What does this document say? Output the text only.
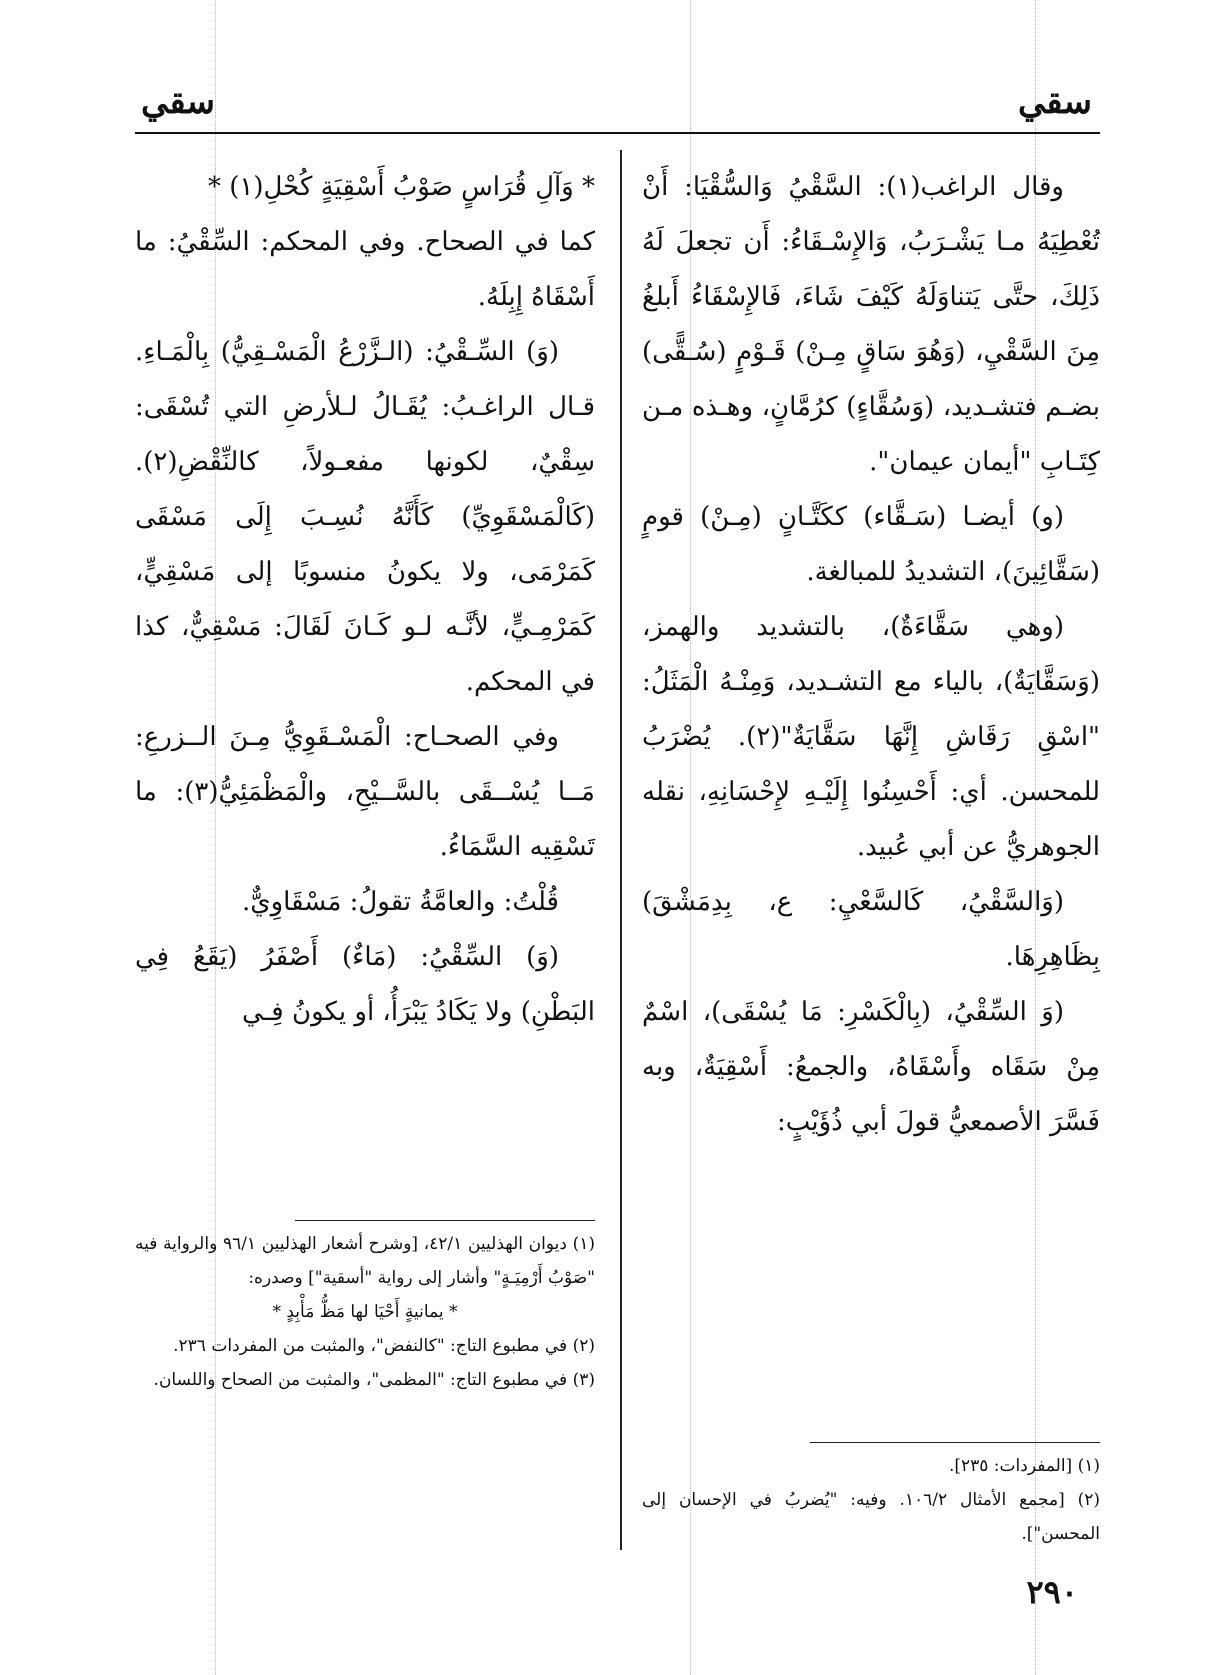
سقي
سقي

وقال الراغب(١): السَّقْيُ وَالسُّقْيَا: أَنْ تُعْطِيَهُ مـا يَشْـرَبُ، وَالإِسْـقَاءُ: أَن تجعلَ لَهُ ذَلِكَ، حتَّى يَتناوَلَهُ كَيْفَ شَاءَ، فَالإِسْقَاءُ أَبلغُ مِنَ السَّقْيِ، (وَهُوَ سَاقٍ مِـنْ) قَـوْمٍ (سُـقًّى) بضـم فتشـديد، (وَسُقَّاءٍ) كرُمَّانٍ، وهـذه مـن كِتَـابِ "أيمان عيمان".

(و) أيضـا (سَـقَّاء) ككَتَّـانٍ (مِـنْ) قومٍ (سَقَّائِينَ)، التشديدُ للمبالغة.

(وهي سَقَّاءَةٌ)، بالتشديد والهمز، (وَسَقَّايَةٌ)، بالياء مع التشـديد، وَمِنْـهُ الْمَثَلُ: "اسْقِ رَقَاشِ إِنَّهَا سَقَّايَةٌ"(٢). يُضْرَبُ للمحسن. أي: أَحْسِنُوا إِلَيْـهِ لإِحْسَانِهِ، نقله الجوهريُّ عن أبي عُبيد.

(وَالسَّقْيُ، كَالسَّعْيِ: ع، بِدِمَشْقَ) بِظَاهِرِهَا.

(وَ السِّقْيُ، (بِالْكَسْرِ: مَا يُسْقَى)، اسْمٌ مِنْ سَقَاه وأَسْقَاهُ، والجمعُ: أَسْقِيَةٌ، وبه فَسَّرَ الأصمعيُّ قولَ أبي ذُؤَيْبٍ:

(١) [المفردات: ٢٣٥].

(٢) [مجمع الأمثال ١٠٦/٢. وفيه: "يُضربُ في الإحسان إلى المحسن"].

* وَآلِ قُرَاسٍ صَوْبُ أَسْقِيَةٍ كُحْلِ(١) *

كما في الصحاح. وفي المحكم: السِّقْيُ: ما أَسْقَاهُ إِبِلَهُ.

(وَ) السِّـقْيُ: (الـزَّرْعُ الْمَسْـقِيُّ) بِالْمَـاءِ. قـال الراغـبُ: يُقَـالُ لـلأرضِ التي تُسْقَى: سِقْيٌ، لكونها مفعـولاً، كالنِّقْضِ(٢). (كَالْمَسْقَوِيِّ) كَأَنَّهُ نُسِـبَ إِلَى مَسْقَى كَمَرْمَى، ولا يكونُ منسوبًا إلى مَسْقِيٍّ، كَمَرْمِـيٍّ، لأنَّـه لـو كَـانَ لَقَالَ: مَسْقِيٌّ، كذا في المحكم.

وفي الصحـاح: الْمَسْـقَوِيُّ مِـنَ الــزرعِ: مَــا يُسْــقَى بالسَّــيْحِ، والْمَظْمَئِيُّ(٣): ما تَسْقِيه السَّمَاءُ.

قُلْتُ: والعامَّةُ تقولُ: مَسْقَاوِيٌّ.

(وَ) السِّقْيُ: (مَاءٌ) أَصْفَرُ (يَقَعُ فِي البَطْنِ) ولا يَكَادُ يَبْرَأُ، أو يكونُ فِـي

(١) ديوان الهذليين ٤٢/١، [وشرح أشعار الهذليين ٩٦/١ والرواية فيه "صَوْبُ أَرْمِيَـةٍ" وأشار إلى رواية "أسقية"] وصدره:

* يمانيةٍ أَحْيَا لها مَظُّ مَأْبِدٍ *

(٢) في مطبوع التاج: "كالنفض"، والمثبت من المفردات ٢٣٦.

(٣) في مطبوع التاج: "المظمى"، والمثبت من الصحاح واللسان.

٢٩٠
